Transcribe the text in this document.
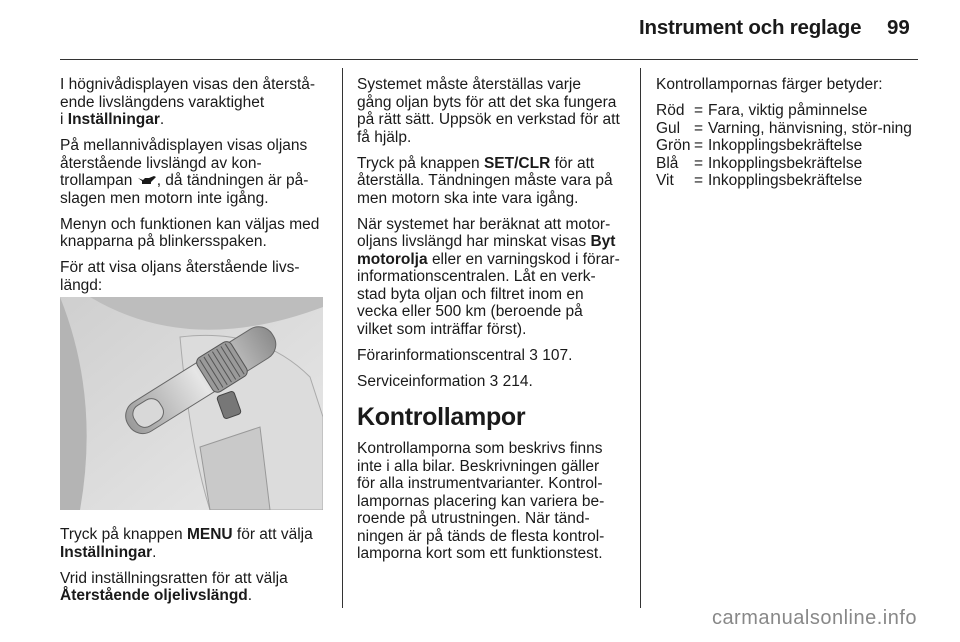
Instrument och reglage 99

I högnivådisplayen visas den återstå-
ende livslängdens varaktighet
i Inställningar.

På mellannivådisplayen visas oljans
återstående livslängd av kon-
trollampan , då tändningen är på-
slagen men motorn inte igång.

Menyn och funktionen kan väljas med
knapparna på blinkersspaken.

För att visa oljans återstående livs-
längd:

Tryck på knappen MENU för att välja
Inställningar.

Vrid inställningsratten för att välja
Återstående oljelivslängd.

Systemet måste återställas varje
gång oljan byts för att det ska fungera
på rätt sätt. Uppsök en verkstad för att
få hjälp.

Tryck på knappen SET/CLR för att
återställa. Tändningen måste vara på
men motorn ska inte vara igång.

När systemet har beräknat att motor-
oljans livslängd har minskat visas Byt
motorolja eller en varningskod i förar-
informationscentralen. Låt en verk-
stad byta oljan och filtret inom en
vecka eller 500 km (beroende på
vilket som inträffar först).

Förarinformationscentral 3 107.

Serviceinformation 3 214.

Kontrollampor

Kontrollamporna som beskrivs finns
inte i alla bilar. Beskrivningen gäller
för alla instrumentvarianter. Kontrol-
lampornas placering kan variera be-
roende på utrustningen. När tänd-
ningen är på tänds de flesta kontrol-
lamporna kort som ett funktionstest.

Kontrollampornas färger betyder:

Röd = Fara, viktig påminnelse
Gul = Varning, hänvisning, stör-ning
Grön = Inkopplingsbekräftelse
Blå	= Inkopplingsbekräftelse
Vit	= Inkopplingsbekräftelse
carmanualsonline.info
